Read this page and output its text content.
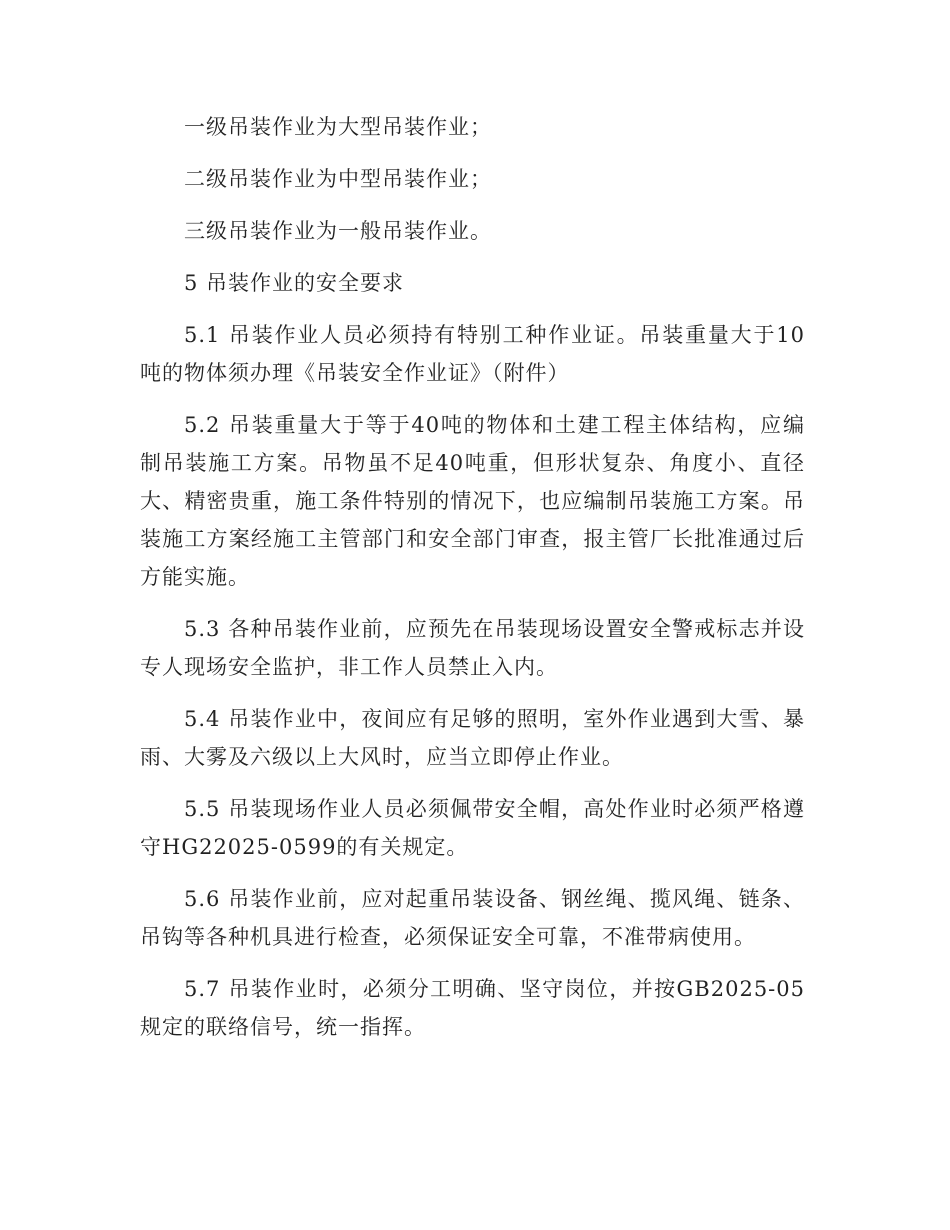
一级吊装作业为大型吊装作业；

二级吊装作业为中型吊装作业；

三级吊装作业为一般吊装作业。

5 吊装作业的安全要求

5.1 吊装作业人员必须持有特别工种作业证。吊装重量大于10吨的物体须办理《吊装安全作业证》（附件）

5.2 吊装重量大于等于40吨的物体和土建工程主体结构，应编制吊装施工方案。吊物虽不足40吨重，但形状复杂、角度小、直径大、精密贵重，施工条件特别的情况下，也应编制吊装施工方案。吊装施工方案经施工主管部门和安全部门审查，报主管厂长批准通过后方能实施。

5.3 各种吊装作业前，应预先在吊装现场设置安全警戒标志并设专人现场安全监护，非工作人员禁止入内。

5.4 吊装作业中，夜间应有足够的照明，室外作业遇到大雪、暴雨、大雾及六级以上大风时，应当立即停止作业。

5.5 吊装现场作业人员必须佩带安全帽，高处作业时必须严格遵守HG22025-0599的有关规定。

5.6 吊装作业前，应对起重吊装设备、钢丝绳、揽风绳、链条、吊钩等各种机具进行检查，必须保证安全可靠，不准带病使用。

5.7 吊装作业时，必须分工明确、坚守岗位，并按GB2025-05规定的联络信号，统一指挥。
